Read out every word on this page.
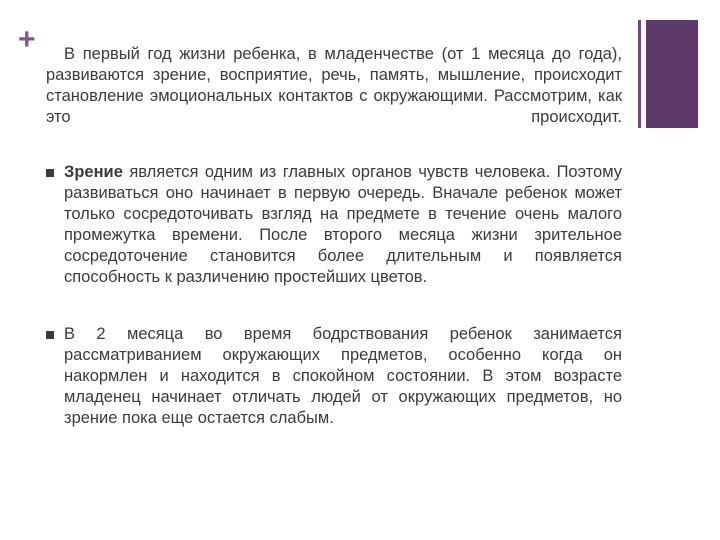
+	В первый год жизни ребенка, в младенчестве (от 1 месяца до года), развиваются зрение, восприятие, речь, память, мышление, происходит становление эмоциональных контактов с окружающими. Рассмотрим, как это происходит.

Зрение является одним из главных органов чувств человека. Поэтому развиваться оно начинает в первую очередь. Вначале ребенок может только сосредоточивать взгляд на предмете в течение очень малого промежутка времени. После второго месяца жизни зрительное сосредоточение становится более длительным и появляется способность к различению простейших цветов.

В 2 месяца во время бодрствования ребенок занимается рассматриванием окружающих предметов, особенно когда он накормлен и находится в спокойном состоянии. В этом возрасте младенец начинает отличать людей от окружающих предметов, но зрение пока еще остается слабым.
